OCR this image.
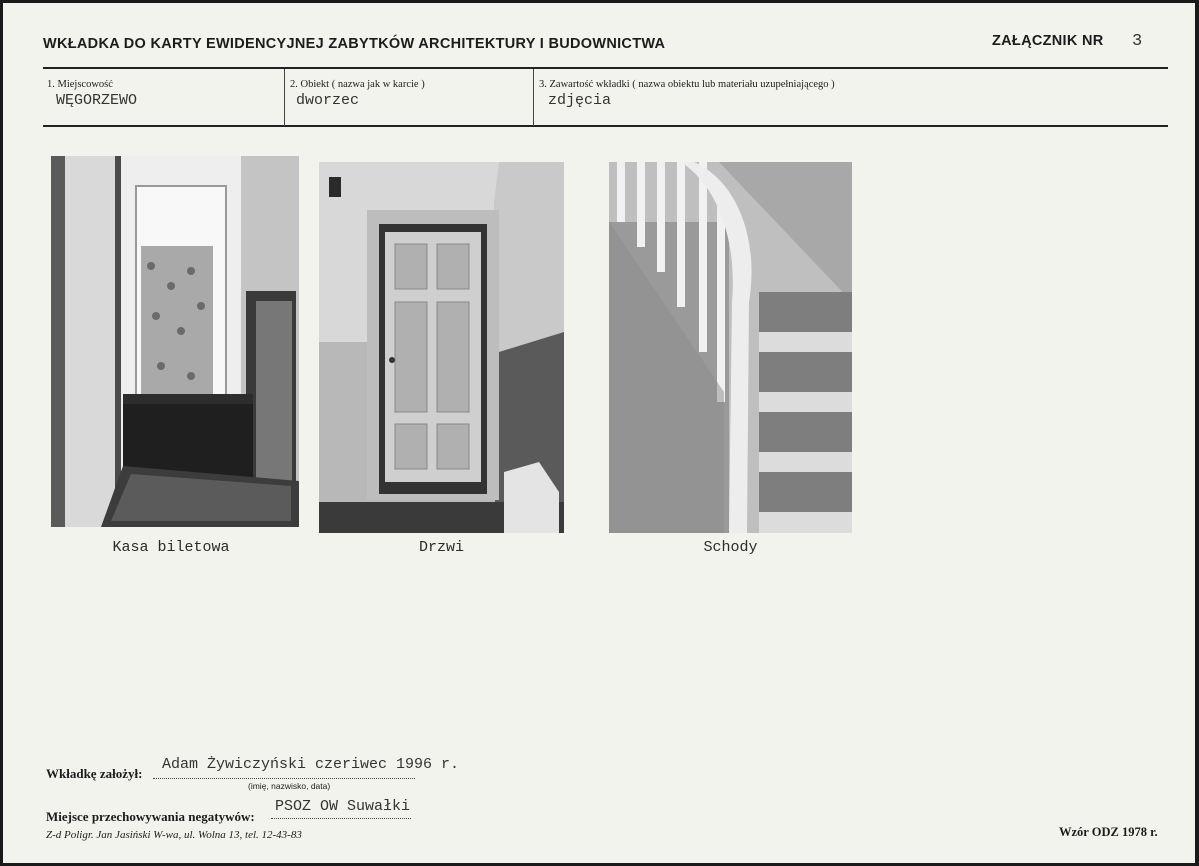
WKŁADKA DO KARTY EWIDENCYJNEJ ZABYTKÓW ARCHITEKTURY I BUDOWNICTWA	ZAŁĄCZNIK NR 3
1. Miejscowość
WĘGORZEWO
2. Obiekt ( nazwa jak w karcie )
dworzec
3. Zawartość wkładki ( nazwa obiektu lub materiału uzupełniającego )
zdjęcia
Kasa biletowa	Drzwi	Schody
Wkładkę założył:
Adam Żywiczyński czeriwec 1996 r.
(imię, nazwisko, data)
Miejsce przechowywania negatywów:
PSOZ OW Suwałki
Z-d Poligr. Jan Jasiński W-wa, ul. Wolna 13, tel. 12-43-83	Wzór ODZ 1978 r.
